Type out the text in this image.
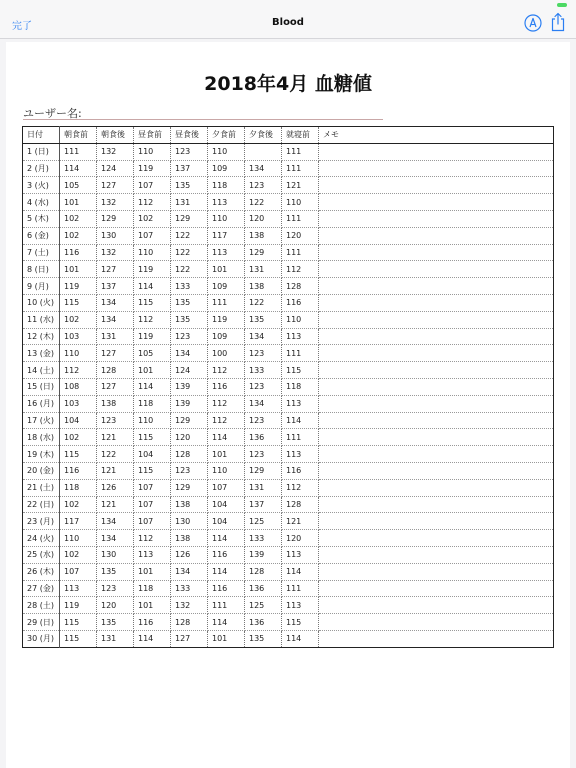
完了	Blood
2018年4月 血糖値
ユーザー名:
日付	朝食前	朝食後	昼食前	昼食後	夕食前	夕食後	就寝前	メモ
1 (日)	111	132	110	123	110		111	
2 (月)	114	124	119	137	109	134	111	
3 (火)	105	127	107	135	118	123	121	
4 (水)	101	132	112	131	113	122	110	
5 (木)	102	129	102	129	110	120	111	
6 (金)	102	130	107	122	117	138	120	
7 (土)	116	132	110	122	113	129	111	
8 (日)	101	127	119	122	101	131	112	
9 (月)	119	137	114	133	109	138	128	
10 (火)	115	134	115	135	111	122	116	
11 (水)	102	134	112	135	119	135	110	
12 (木)	103	131	119	123	109	134	113	
13 (金)	110	127	105	134	100	123	111	
14 (土)	112	128	101	124	112	133	115	
15 (日)	108	127	114	139	116	123	118	
16 (月)	103	138	118	139	112	134	113	
17 (火)	104	123	110	129	112	123	114	
18 (水)	102	121	115	120	114	136	111	
19 (木)	115	122	104	128	101	123	113	
20 (金)	116	121	115	123	110	129	116	
21 (土)	118	126	107	129	107	131	112	
22 (日)	102	121	107	138	104	137	128	
23 (月)	117	134	107	130	104	125	121	
24 (火)	110	134	112	138	114	133	120	
25 (水)	102	130	113	126	116	139	113	
26 (木)	107	135	101	134	114	128	114	
27 (金)	113	123	118	133	116	136	111	
28 (土)	119	120	101	132	111	125	113	
29 (日)	115	135	116	128	114	136	115	
30 (月)	115	131	114	127	101	135	114	
